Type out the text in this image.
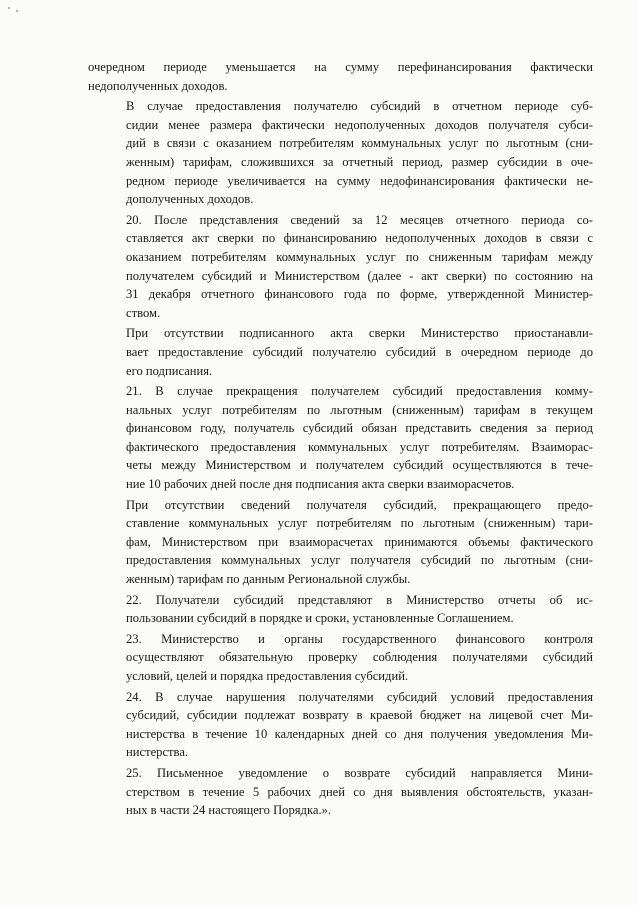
очередном периоде уменьшается на сумму перефинансирования фактически
недополученных доходов.
В случае предоставления получателю субсидий в отчетном периоде суб-
сидии менее размера фактически недополученных доходов получателя субси-
дий в связи с оказанием потребителям коммунальных услуг по льготным (сни-
женным) тарифам, сложившихся за отчетный период, размер субсидии в оче-
редном периоде увеличивается на сумму недофинансирования фактически не-
дополученных доходов.
20. После представления сведений за 12 месяцев отчетного периода со-
ставляется акт сверки по финансированию недополученных доходов в связи с
оказанием потребителям коммунальных услуг по сниженным тарифам между
получателем субсидий и Министерством (далее - акт сверки) по состоянию на
31 декабря отчетного финансового года по форме, утвержденной Министер-
ством.
При отсутствии подписанного акта сверки Министерство приостанавли-
вает предоставление субсидий получателю субсидий в очередном периоде до
его подписания.
21. В случае прекращения получателем субсидий предоставления комму-
нальных услуг потребителям по льготным (сниженным) тарифам в текущем
финансовом году, получатель субсидий обязан представить сведения за период
фактического предоставления коммунальных услуг потребителям. Взаиморас-
четы между Министерством и получателем субсидий осуществляются в тече-
ние 10 рабочих дней после дня подписания акта сверки взаиморасчетов.
При отсутствии сведений получателя субсидий, прекращающего предо-
ставление коммунальных услуг потребителям по льготным (сниженным) тари-
фам, Министерством при взаиморасчетах принимаются объемы фактического
предоставления коммунальных услуг получателя субсидий по льготным (сни-
женным) тарифам по данным Региональной службы.
22. Получатели субсидий представляют в Министерство отчеты об ис-
пользовании субсидий в порядке и сроки, установленные Соглашением.
23. Министерство и органы государственного финансового контроля
осуществляют обязательную проверку соблюдения получателями субсидий
условий, целей и порядка предоставления субсидий.
24. В случае нарушения получателями субсидий условий предоставления
субсидий, субсидии подлежат возврату в краевой бюджет на лицевой счет Ми-
нистерства в течение 10 календарных дней со дня получения уведомления Ми-
нистерства.
25. Письменное уведомление о возврате субсидий направляется Мини-
стерством в течение 5 рабочих дней со дня выявления обстоятельств, указан-
ных в части 24 настоящего Порядка.».
